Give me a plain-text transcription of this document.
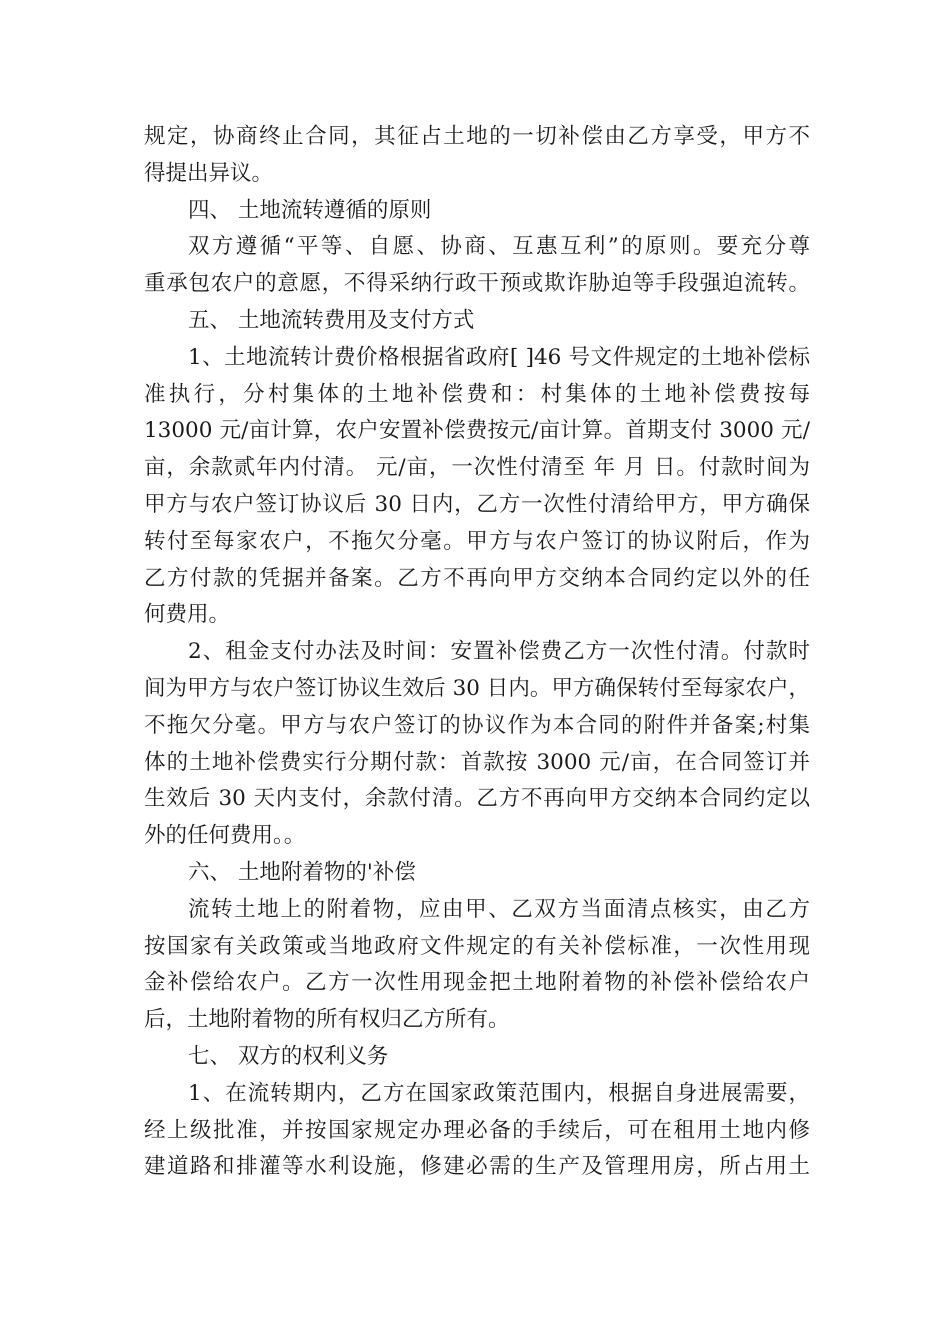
规定，协商终止合同，其征占土地的一切补偿由乙方享受，甲方不
得提出异议。
四、 土地流转遵循的原则
双方遵循“平等、自愿、协商、互惠互利”的原则。要充分尊
重承包农户的意愿，不得采纳行政干预或欺诈胁迫等手段强迫流转。
五、 土地流转费用及支付方式
1、土地流转计费价格根据省政府[ ]46 号文件规定的土地补偿标
准执行，分村集体的土地补偿费和：村集体的土地补偿费按每
13000 元/亩计算，农户安置补偿费按元/亩计算。首期支付 3000 元/
亩，余款贰年内付清。 元/亩，一次性付清至 年 月 日。付款时间为
甲方与农户签订协议后 30 日内，乙方一次性付清给甲方，甲方确保
转付至每家农户，不拖欠分毫。甲方与农户签订的协议附后，作为
乙方付款的凭据并备案。乙方不再向甲方交纳本合同约定以外的任
何费用。
2、租金支付办法及时间：安置补偿费乙方一次性付清。付款时
间为甲方与农户签订协议生效后 30 日内。甲方确保转付至每家农户，
不拖欠分毫。甲方与农户签订的协议作为本合同的附件并备案;村集
体的土地补偿费实行分期付款：首款按 3000 元/亩，在合同签订并
生效后 30 天内支付，余款付清。乙方不再向甲方交纳本合同约定以
外的任何费用。。
六、 土地附着物的'补偿
流转土地上的附着物，应由甲、乙双方当面清点核实，由乙方
按国家有关政策或当地政府文件规定的有关补偿标准，一次性用现
金补偿给农户。乙方一次性用现金把土地附着物的补偿补偿给农户
后，土地附着物的所有权归乙方所有。
七、 双方的权利义务
1、在流转期内，乙方在国家政策范围内，根据自身进展需要，
经上级批准，并按国家规定办理必备的手续后，可在租用土地内修
建道路和排灌等水利设施，修建必需的生产及管理用房，所占用土
